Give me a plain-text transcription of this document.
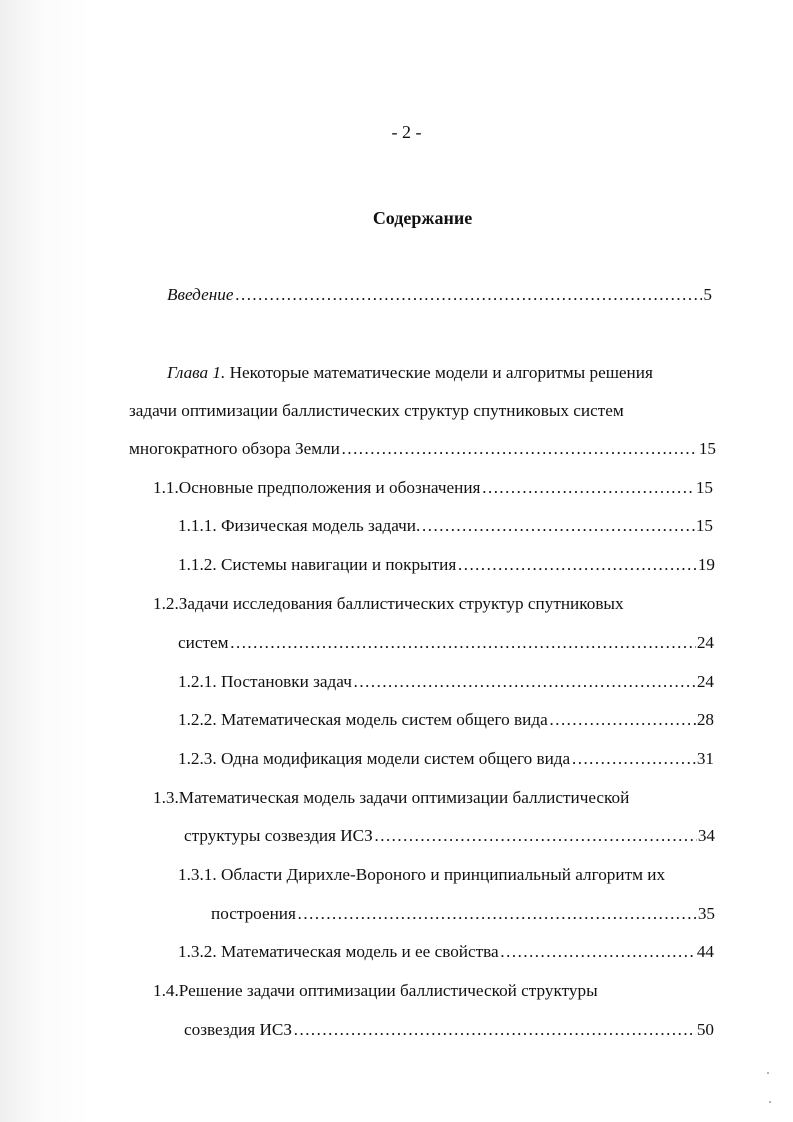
- 2 -
Содержание
Введение ……………………………………………………………………………………………………………………………………	5
Глава 1. Некоторые математические модели и алгоритмы решения
задачи оптимизации баллистических структур спутниковых систем
многократного обзора Земли ……………………………………………………………………………………………………………………………………	15
1.1.Основные предположения и обозначения ……………………………………………………………………………………………………………………………………	15
1.1.1. Физическая модель задачи. ……………………………………………………………………………………………………………………………………	15
1.1.2. Системы навигации и покрытия ……………………………………………………………………………………………………………………………………	19
1.2.Задачи исследования баллистических структур спутниковых
систем ……………………………………………………………………………………………………………………………………	24
1.2.1. Постановки задач ……………………………………………………………………………………………………………………………………	24
1.2.2. Математическая модель систем общего вида ……………………………………………………………………………………………………………………………………	28
1.2.3. Одна модификация модели систем общего вида ……………………………………………………………………………………………………………………………………	31
1.3.Математическая модель задачи оптимизации баллистической
структуры созвездия ИСЗ ……………………………………………………………………………………………………………………………………	34
1.3.1. Области Дирихле-Вороного и принципиальный алгоритм их
построения ……………………………………………………………………………………………………………………………………	35
1.3.2. Математическая модель и ее свойства ……………………………………………………………………………………………………………………………………	44
1.4.Решение задачи оптимизации баллистической структуры
созвездия ИСЗ ……………………………………………………………………………………………………………………………………	50
